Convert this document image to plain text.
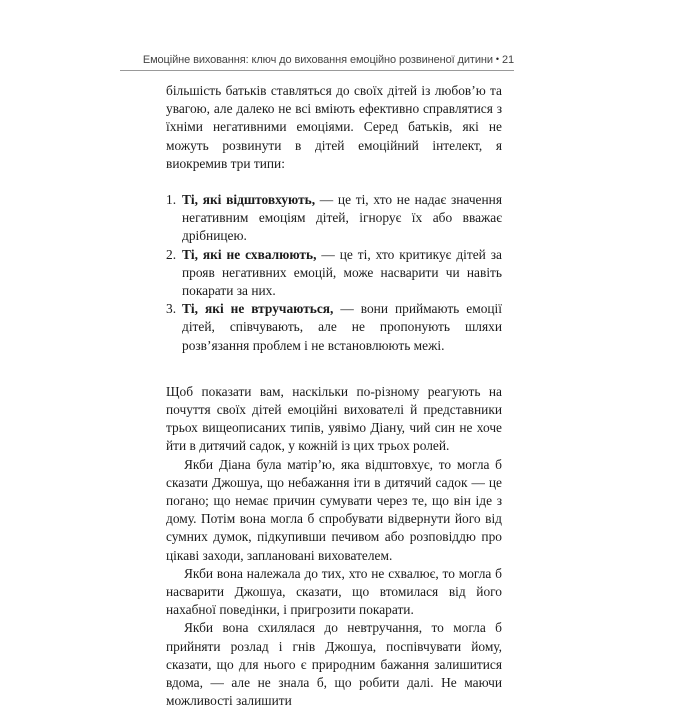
Емоційне виховання: ключ до виховання емоційно розвиненої дитини • 21

більшість батьків ставляться до своїх дітей із любов’ю та увагою, але далеко не всі вміють ефективно справлятися з їхніми негативними емоціями. Серед батьків, які не можуть розвинути в дітей емоційний інтелект, я виокремив три типи:

1. Ті, які відштовхують, — це ті, хто не надає значення негативним емоціям дітей, ігнорує їх або вважає дрібницею.
2. Ті, які не схвалюють, — це ті, хто критикує дітей за прояв негативних емоцій, може насварити чи навіть покарати за них.
3. Ті, які не втручаються, — вони приймають емоції дітей, співчувають, але не пропонують шляхи розв’язання проблем і не встановлюють межі.

Щоб показати вам, наскільки по-різному реагують на почуття своїх дітей емоційні вихователі й представники трьох вищеописаних типів, уявімо Діану, чий син не хоче йти в дитячий садок, у кожній із цих трьох ролей.

Якби Діана була матір’ю, яка відштовхує, то могла б сказати Джошуа, що небажання іти в дитячий садок — це погано; що немає причин сумувати через те, що він іде з дому. Потім вона могла б спробувати відвернути його від сумних думок, підкупивши печивом або розповіддю про цікаві заходи, заплановані вихователем.

Якби вона належала до тих, хто не схвалює, то могла б насварити Джошуа, сказати, що втомилася від його нахабної поведінки, і пригрозити покарати.

Якби вона схилялася до невтручання, то могла б прийняти розлад і гнів Джошуа, поспівчувати йому, сказати, що для нього є природним бажання залишитися вдома, — але не знала б, що робити далі. Не маючи можливості залишити
